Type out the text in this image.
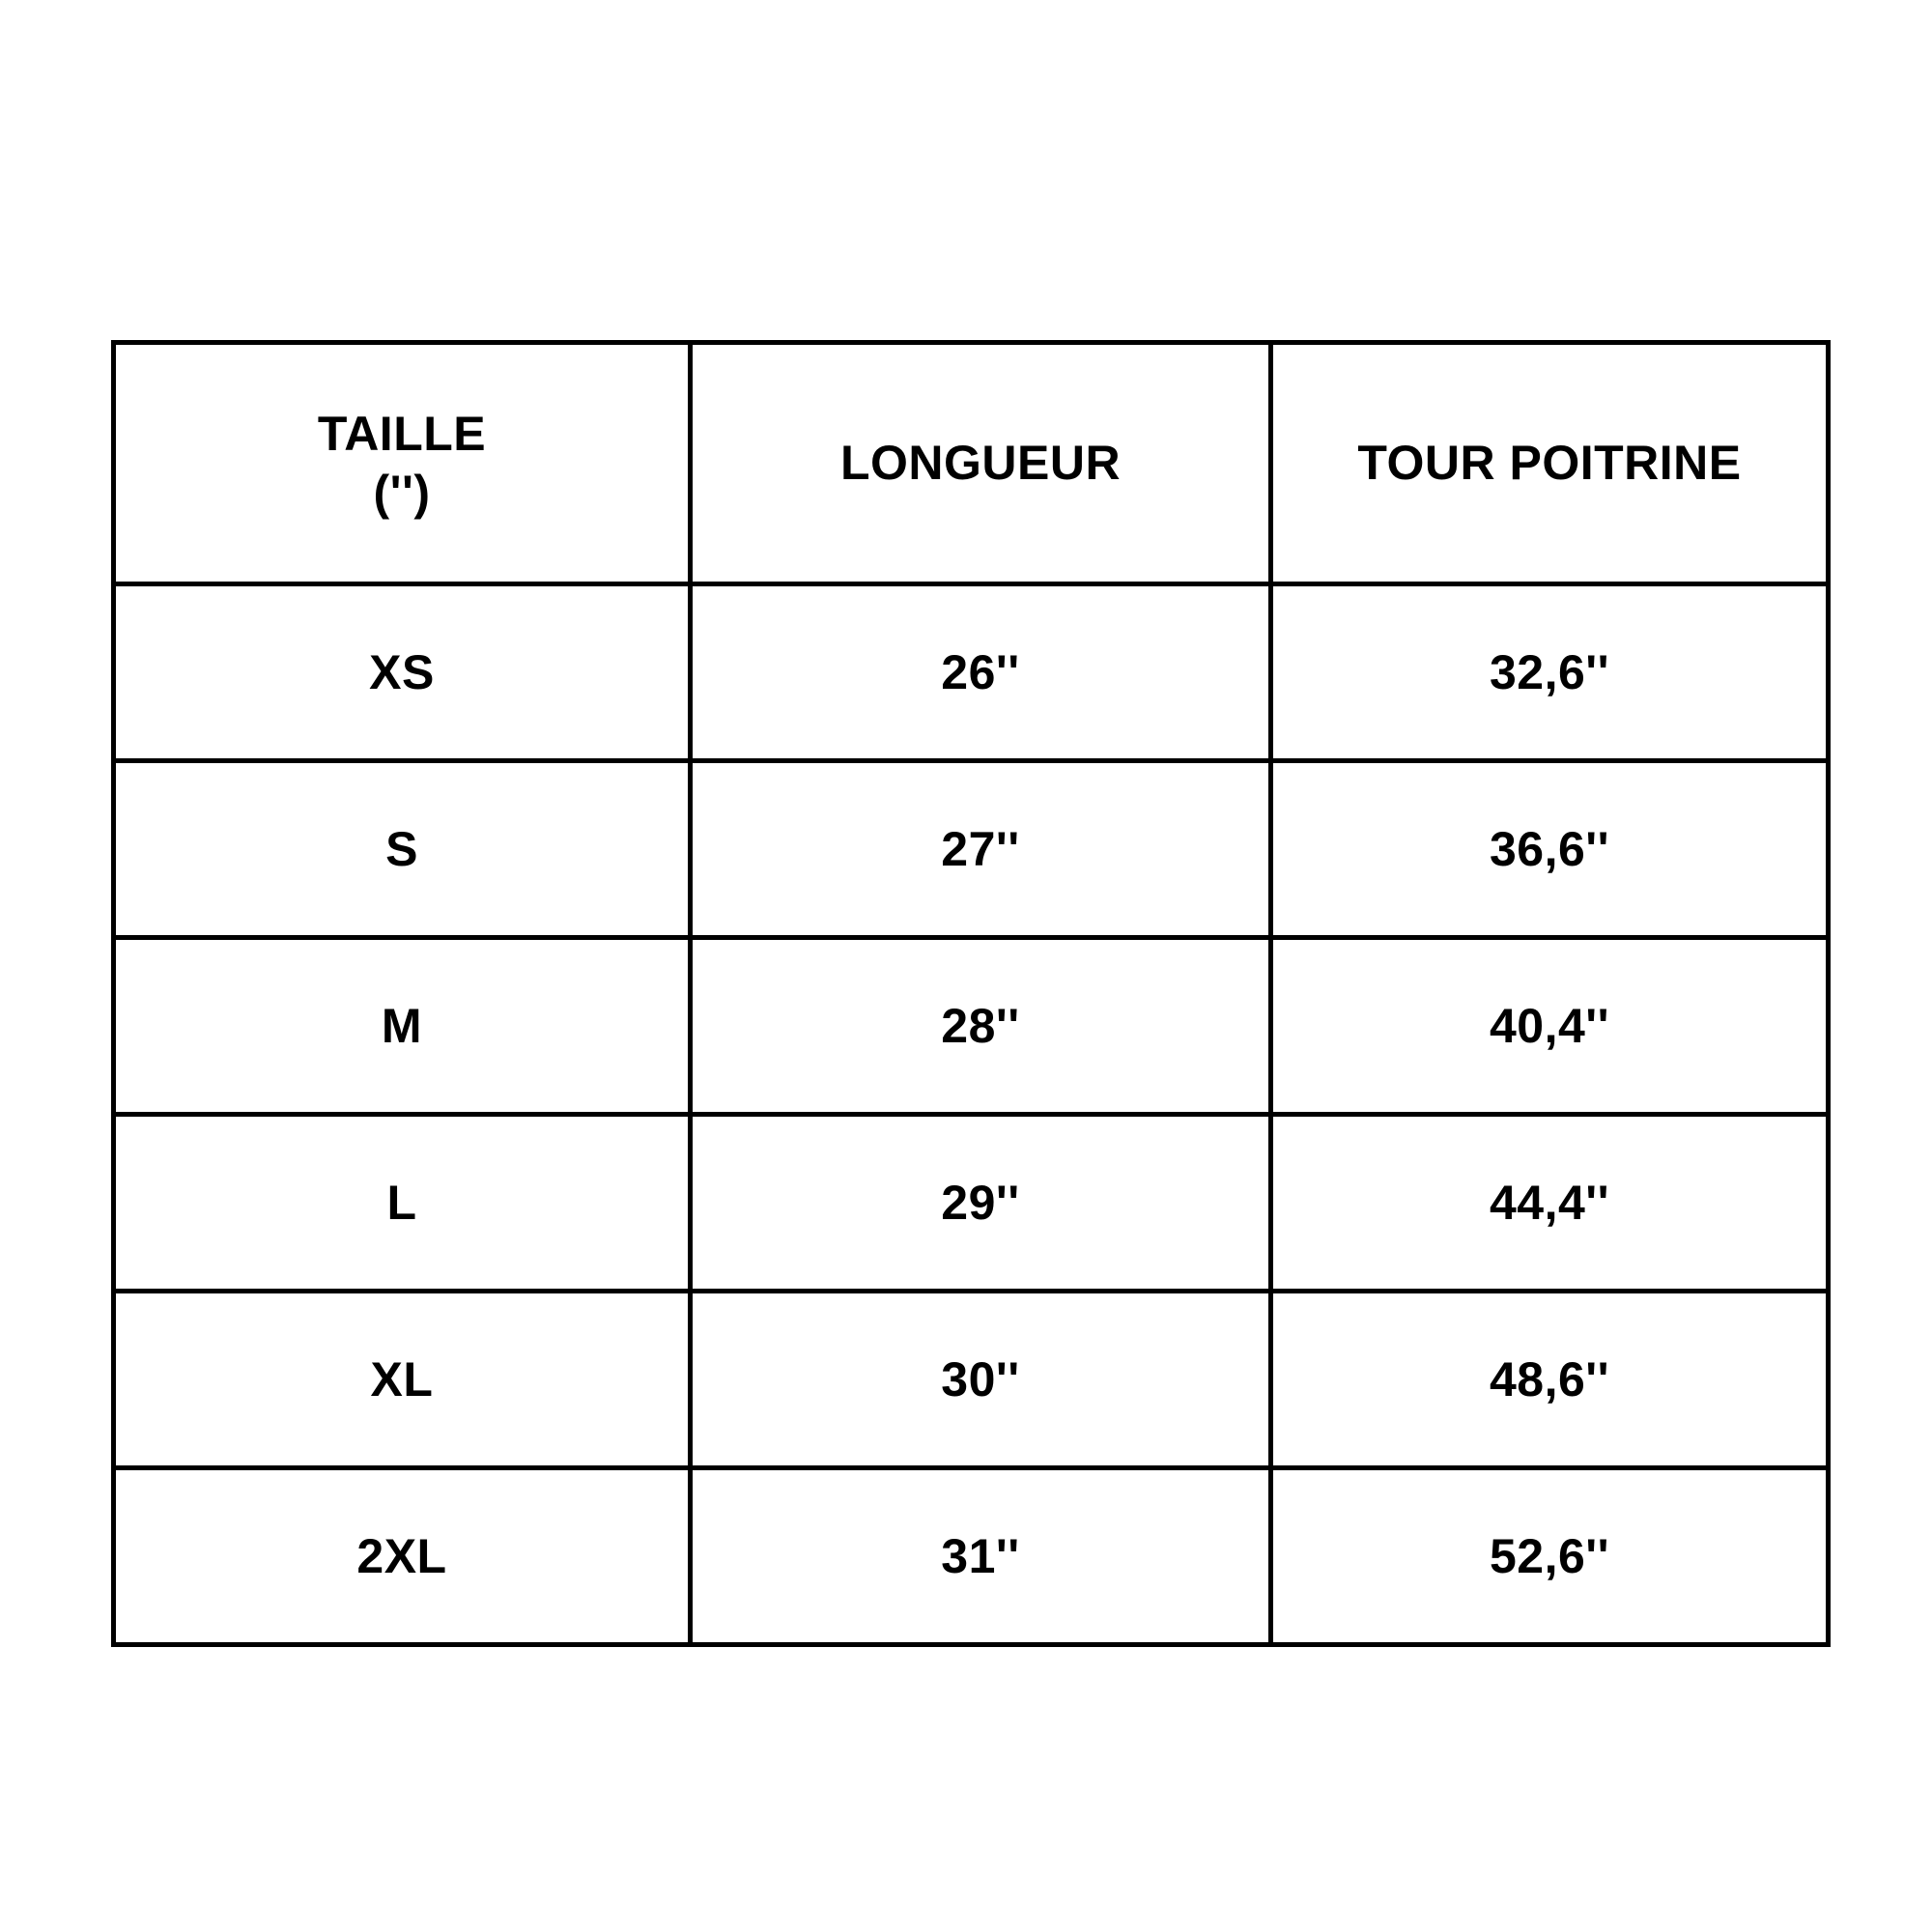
TAILLE
('')	LONGUEUR	TOUR POITRINE
XS	26''	32,6''
S	27''	36,6''
M	28''	40,4''
L	29''	44,4''
XL	30''	48,6''
2XL	31''	52,6''
